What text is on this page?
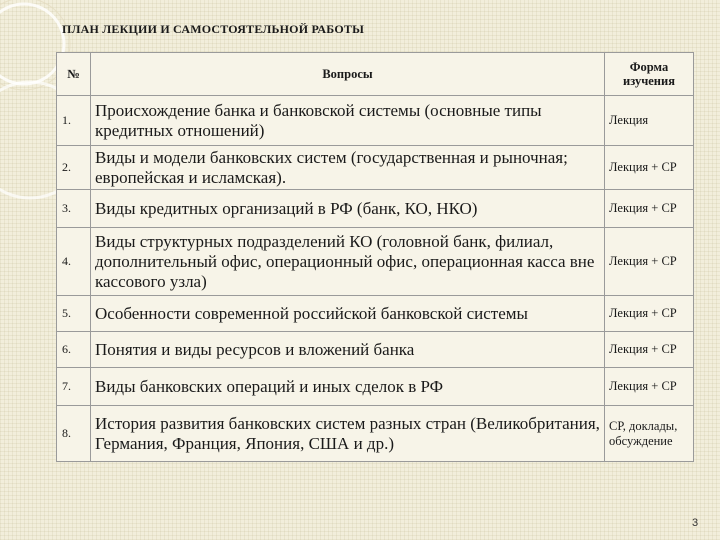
ПЛАН ЛЕКЦИИ И САМОСТОЯТЕЛЬНОЙ РАБОТЫ
№	Вопросы	Форма изучения
1.	Происхождение банка и банковской системы (основные типы кредитных отношений)	Лекция
2.	Виды и модели банковских систем (государственная и рыночная; европейская и исламская).	Лекция + СР
3.	Виды кредитных организаций в РФ (банк, КО, НКО)	Лекция + СР
4.	Виды структурных подразделений КО (головной банк, филиал, дополнительный офис, операционный офис, операционная касса вне кассового узла)	Лекция + СР
5.	Особенности современной российской банковской системы	Лекция + СР
6.	Понятия и виды ресурсов и вложений банка	Лекция + СР
7.	Виды банковских операций и иных сделок в РФ	Лекция + СР
8.	История развития банковских систем разных стран (Великобритания, Германия, Франция, Япония, США и др.)	СР, доклады, обсуждение
3
